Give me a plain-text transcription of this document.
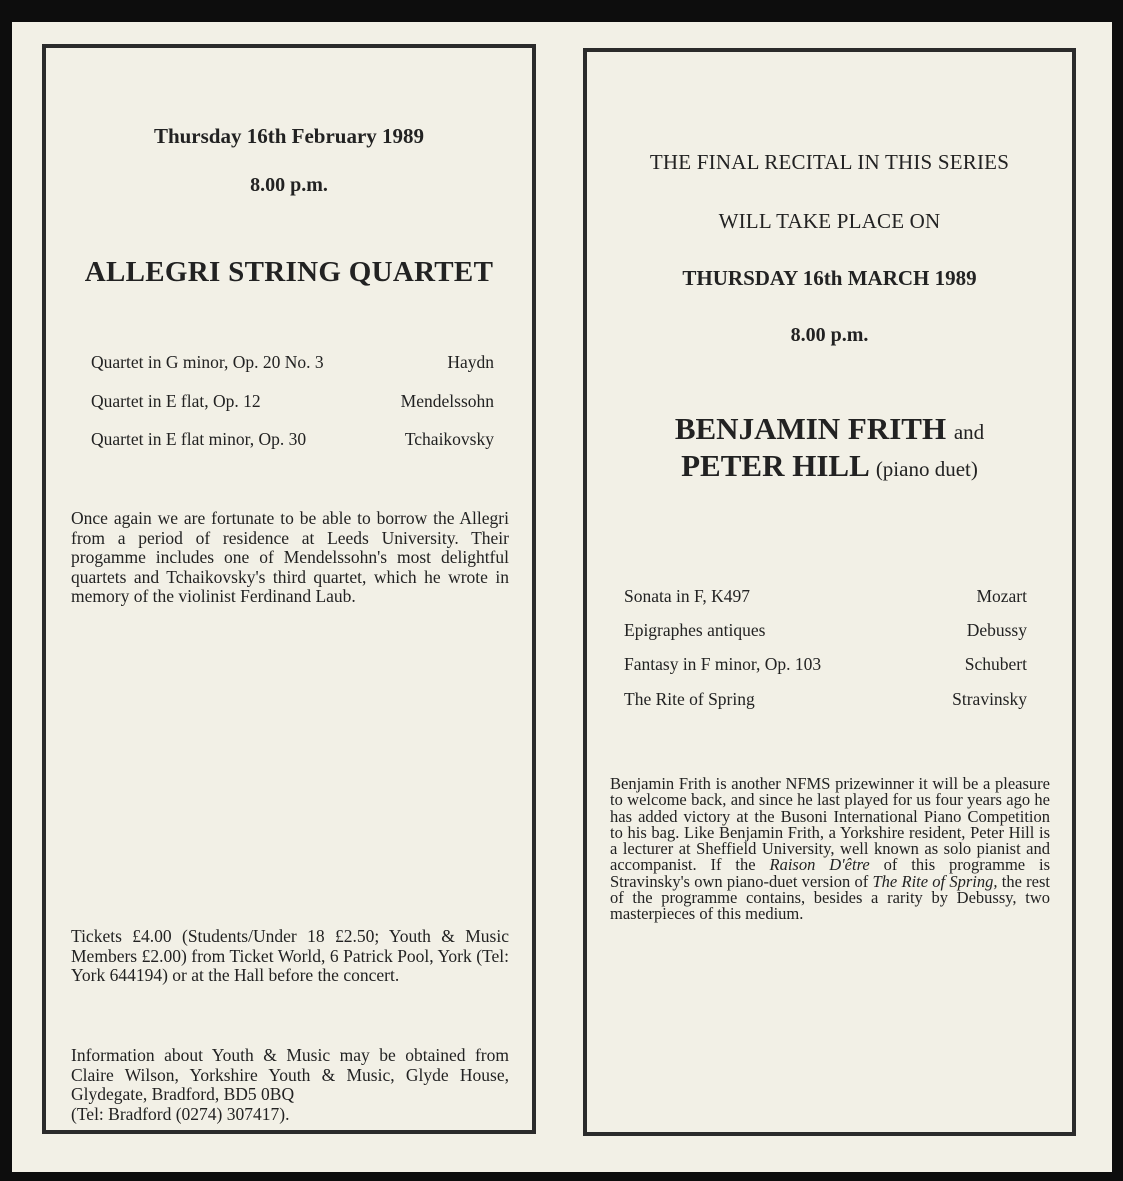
Thursday 16th February 1989
8.00 p.m.
ALLEGRI STRING QUARTET
Quartet in G minor, Op. 20 No. 3	Haydn
Quartet in E flat, Op. 12	Mendelssohn
Quartet in E flat minor, Op. 30	Tchaikovsky

Once again we are fortunate to be able to borrow the Allegri from a period of residence at Leeds University. Their progamme includes one of Mendelssohn's most delightful quartets and Tchaikovsky's third quartet, which he wrote in memory of the violinist Ferdinand Laub.

Tickets £4.00 (Students/Under 18 £2.50; Youth & Music Members £2.00) from Ticket World, 6 Patrick Pool, York (Tel: York 644194) or at the Hall before the concert.

Information about Youth & Music may be obtained from Claire Wilson, Yorkshire Youth & Music, Glyde House, Glydegate, Bradford, BD5 0BQ
(Tel: Bradford (0274) 307417).
THE FINAL RECITAL IN THIS SERIES
WILL TAKE PLACE ON
THURSDAY 16th MARCH 1989
8.00 p.m.
BENJAMIN FRITH and
PETER HILL (piano duet)
Sonata in F, K497	Mozart
Epigraphes antiques	Debussy
Fantasy in F minor, Op. 103	Schubert
The Rite of Spring	Stravinsky

Benjamin Frith is another NFMS prizewinner it will be a pleasure to welcome back, and since he last played for us four years ago he has added victory at the Busoni International Piano Competition to his bag. Like Benjamin Frith, a Yorkshire resident, Peter Hill is a lecturer at Sheffield University, well known as solo pianist and accompanist. If the Raison D'être of this programme is Stravinsky's own piano-duet version of The Rite of Spring, the rest of the programme contains, besides a rarity by Debussy, two masterpieces of this medium.
